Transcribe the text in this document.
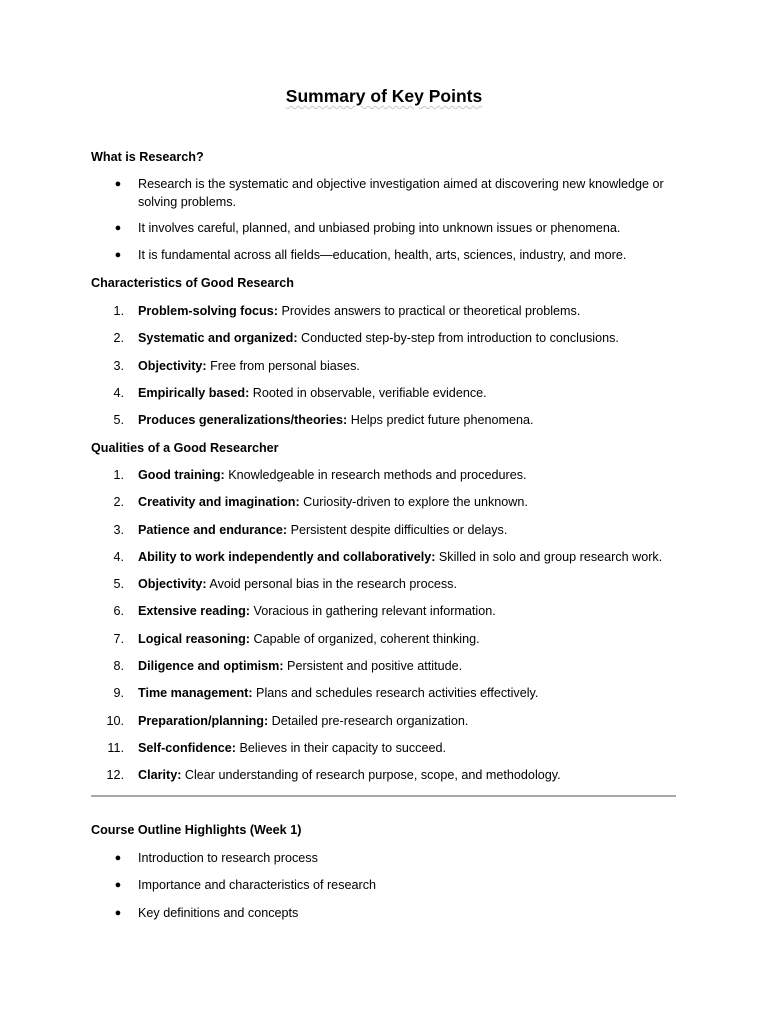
Summary of Key Points
What is Research?
●	Research is the systematic and objective investigation aimed at discovering new knowledge or solving problems.
●	It involves careful, planned, and unbiased probing into unknown issues or phenomena.
●	It is fundamental across all fields—education, health, arts, sciences, industry, and more.
Characteristics of Good Research
1. Problem-solving focus: Provides answers to practical or theoretical problems.
2. Systematic and organized: Conducted step-by-step from introduction to conclusions.
3. Objectivity: Free from personal biases.
4. Empirically based: Rooted in observable, verifiable evidence.
5. Produces generalizations/theories: Helps predict future phenomena.
Qualities of a Good Researcher
1. Good training: Knowledgeable in research methods and procedures.
2. Creativity and imagination: Curiosity-driven to explore the unknown.
3. Patience and endurance: Persistent despite difficulties or delays.
4. Ability to work independently and collaboratively: Skilled in solo and group research work.
5. Objectivity: Avoid personal bias in the research process.
6. Extensive reading: Voracious in gathering relevant information.
7. Logical reasoning: Capable of organized, coherent thinking.
8. Diligence and optimism: Persistent and positive attitude.
9. Time management: Plans and schedules research activities effectively.
10. Preparation/planning: Detailed pre-research organization.
11. Self-confidence: Believes in their capacity to succeed.
12. Clarity: Clear understanding of research purpose, scope, and methodology.
Course Outline Highlights (Week 1)
●	Introduction to research process
●	Importance and characteristics of research
●	Key definitions and concepts
